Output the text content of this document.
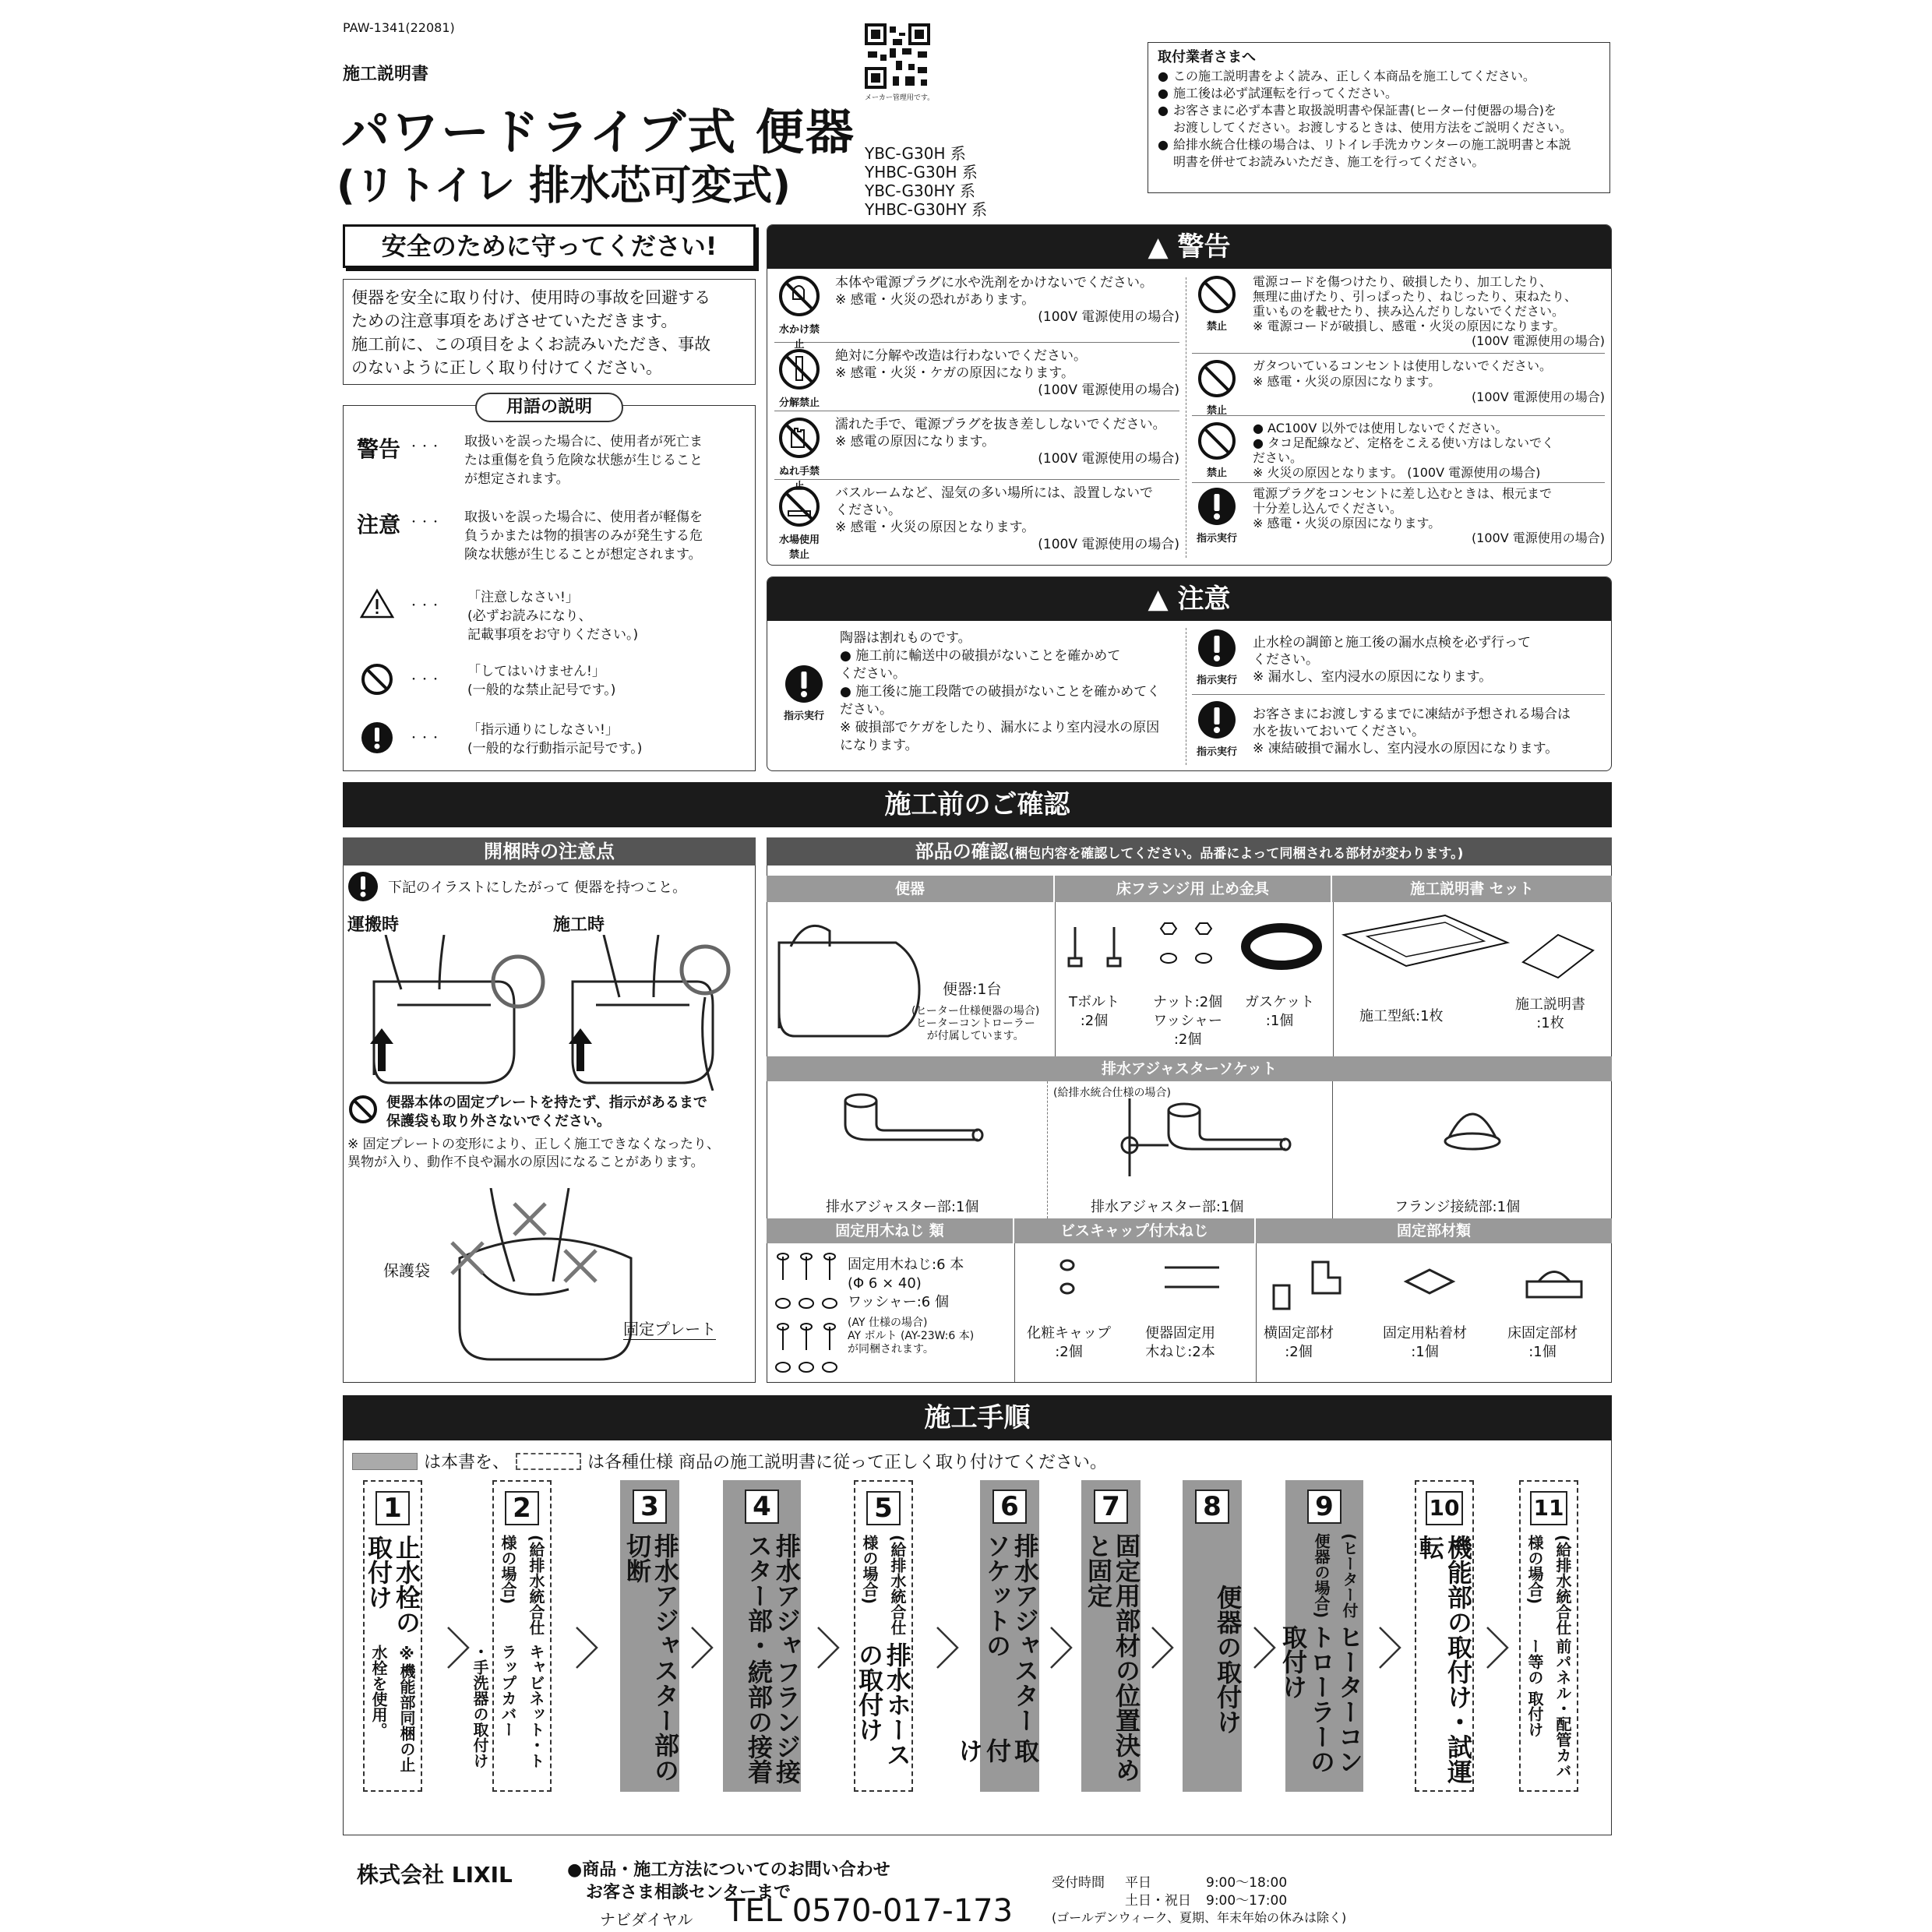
PAW-1341(22081)
施工説明書
パワードライブ式 便器
(リトイレ 排水芯可変式)
メーカー管理用です。
YBC-G30H 系
YHBC-G30H 系
YBC-G30HY 系
YHBC-G30HY 系
取付業者さまへ
● この施工説明書をよく読み、正しく本商品を施工してください。
● 施工後は必ず試運転を行ってください。
● お客さまに必ず本書と取扱説明書や保証書(ヒーター付便器の場合)を
お渡ししてください。お渡しするときは、使用方法をご説明ください。
● 給排水統合仕様の場合は、リトイレ手洗カウンターの施工説明書と本説
明書を併せてお読みいただき、施工を行ってください。
安全のために守ってください!
便器を安全に取り付け、使用時の事故を回避する
ための注意事項をあげさせていただきます。
施工前に、この項目をよくお読みいただき、事故
のないように正しく取り付けてください。
用語の説明
警告 ・・・	取扱いを誤った場合に、使用者が死亡ま
たは重傷を負う危険な状態が生じること
が想定されます。
注意 ・・・	取扱いを誤った場合に、使用者が軽傷を
負うかまたは物的損害のみが発生する危
険な状態が生じることが想定されます。
・・・
「注意しなさい!」
(必ずお読みになり、
記載事項をお守りください。)
・・・
「してはいけません!」
(一般的な禁止記号です。)
・・・
「指示通りにしなさい!」
(一般的な行動指示記号です。)
▲ 警告
水かけ禁止
本体や電源プラグに水や洗剤をかけないでください。
※ 感電・火災の恐れがあります。
(100V 電源使用の場合)
分解禁止
絶対に分解や改造は行わないでください。
※ 感電・火災・ケガの原因になります。
(100V 電源使用の場合)
ぬれ手禁止
濡れた手で、電源プラグを抜き差ししないでください。
※ 感電の原因になります。
(100V 電源使用の場合)
水場使用禁止
バスルームなど、湿気の多い場所には、設置しないで
ください。
※ 感電・火災の原因となります。
(100V 電源使用の場合)
禁止
電源コードを傷つけたり、破損したり、加工したり、
無理に曲げたり、引っぱったり、ねじったり、束ねたり、
重いものを載せたり、挟み込んだりしないでください。
※ 電源コードが破損し、感電・火災の原因になります。
(100V 電源使用の場合)
禁止
ガタついているコンセントは使用しないでください。
※ 感電・火災の原因になります。
(100V 電源使用の場合)
禁止
● AC100V 以外では使用しないでください。
● タコ足配線など、定格をこえる使い方はしないでく
ださい。
※ 火災の原因となります。 (100V 電源使用の場合)
指示実行
電源プラグをコンセントに差し込むときは、根元まで
十分差し込んでください。
※ 感電・火災の原因になります。
(100V 電源使用の場合)
▲ 注意
指示実行
陶器は割れものです。
● 施工前に輸送中の破損がないことを確かめて
ください。
● 施工後に施工段階での破損がないことを確かめてく
ださい。
※ 破損部でケガをしたり、漏水により室内浸水の原因
になります。
指示実行
止水栓の調節と施工後の漏水点検を必ず行って
ください。
※ 漏水し、室内浸水の原因になります。
指示実行
お客さまにお渡しするまでに凍結が予想される場合は
水を抜いておいてください。
※ 凍結破損で漏水し、室内浸水の原因になります。
施工前のご確認
開梱時の注意点
下記のイラストにしたがって 便器を持つこと。
運搬時	施工時
便器本体の固定プレートを持たず、指示があるまで
保護袋も取り外さないでください。
※ 固定プレートの変形により、正しく施工できなくなったり、
異物が入り、動作不良や漏水の原因になることがあります。
保護袋
固定プレート
部品の確認(梱包内容を確認してください。品番によって同梱される部材が変わります。)
便器	床フランジ用 止め金具	施工説明書 セット
便器:1台
(ヒーター仕様便器の場合)
ヒーターコントローラー
が付属しています。
Tボルト
:2個
ナット:2個
ワッシャー
:2個
ガスケット
:1個	施工型紙:1枚
施工説明書
:1枚
排水アジャスターソケット
排水アジャスター部:1個
(給排水統合仕様の場合)
排水アジャスター部:1個	フランジ接続部:1個
固定用木ねじ 類	ビスキャップ付木ねじ	固定部材類
固定用木ねじ:6 本
(Φ 6 × 40)
ワッシャー:6 個
(AY 仕様の場合)
AY ボルト (AY-23W:6 本)
が同梱されます。
化粧キャップ
:2個
便器固定用
木ねじ:2本
横固定部材
:2個
固定用粘着材
:1個
床固定部材
:1個
施工手順
は本書を、	は各種仕様 商品の施工説明書に従って正しく取り付けてください。
1
止水栓の取付け
※機能部同梱の止水栓を使用。
2
(給排水統合仕様の場合)
キャビネット・トラップカバー
・手洗器の取付け
3
排水アジャスター部の切断
4
排水アジャスター部・
フランジ接続部の接着
5
(給排水統合仕様の場合)
排水ホースの取付け
6
排水アジャスターソケットの
取付け
7
固定用部材の位置決めと固定
8
便器の取付け
9
(ヒーター付便器の場合)
ヒーターコントローラーの
取付け
10
機能部の取付け・試運転
11
(給排水統合仕様の場合)
前パネル・配管カバー等の 取付け
株式会社 LIXIL	●商品・施工方法についてのお問い合わせ
お客さま相談センターまで
ナビダイヤル TEL 0570-017-173
受付時間 平日	9:00〜18:00
土日・祝日 9:00〜17:00
(ゴールデンウィーク、夏期、年末年始の休みは除く)
